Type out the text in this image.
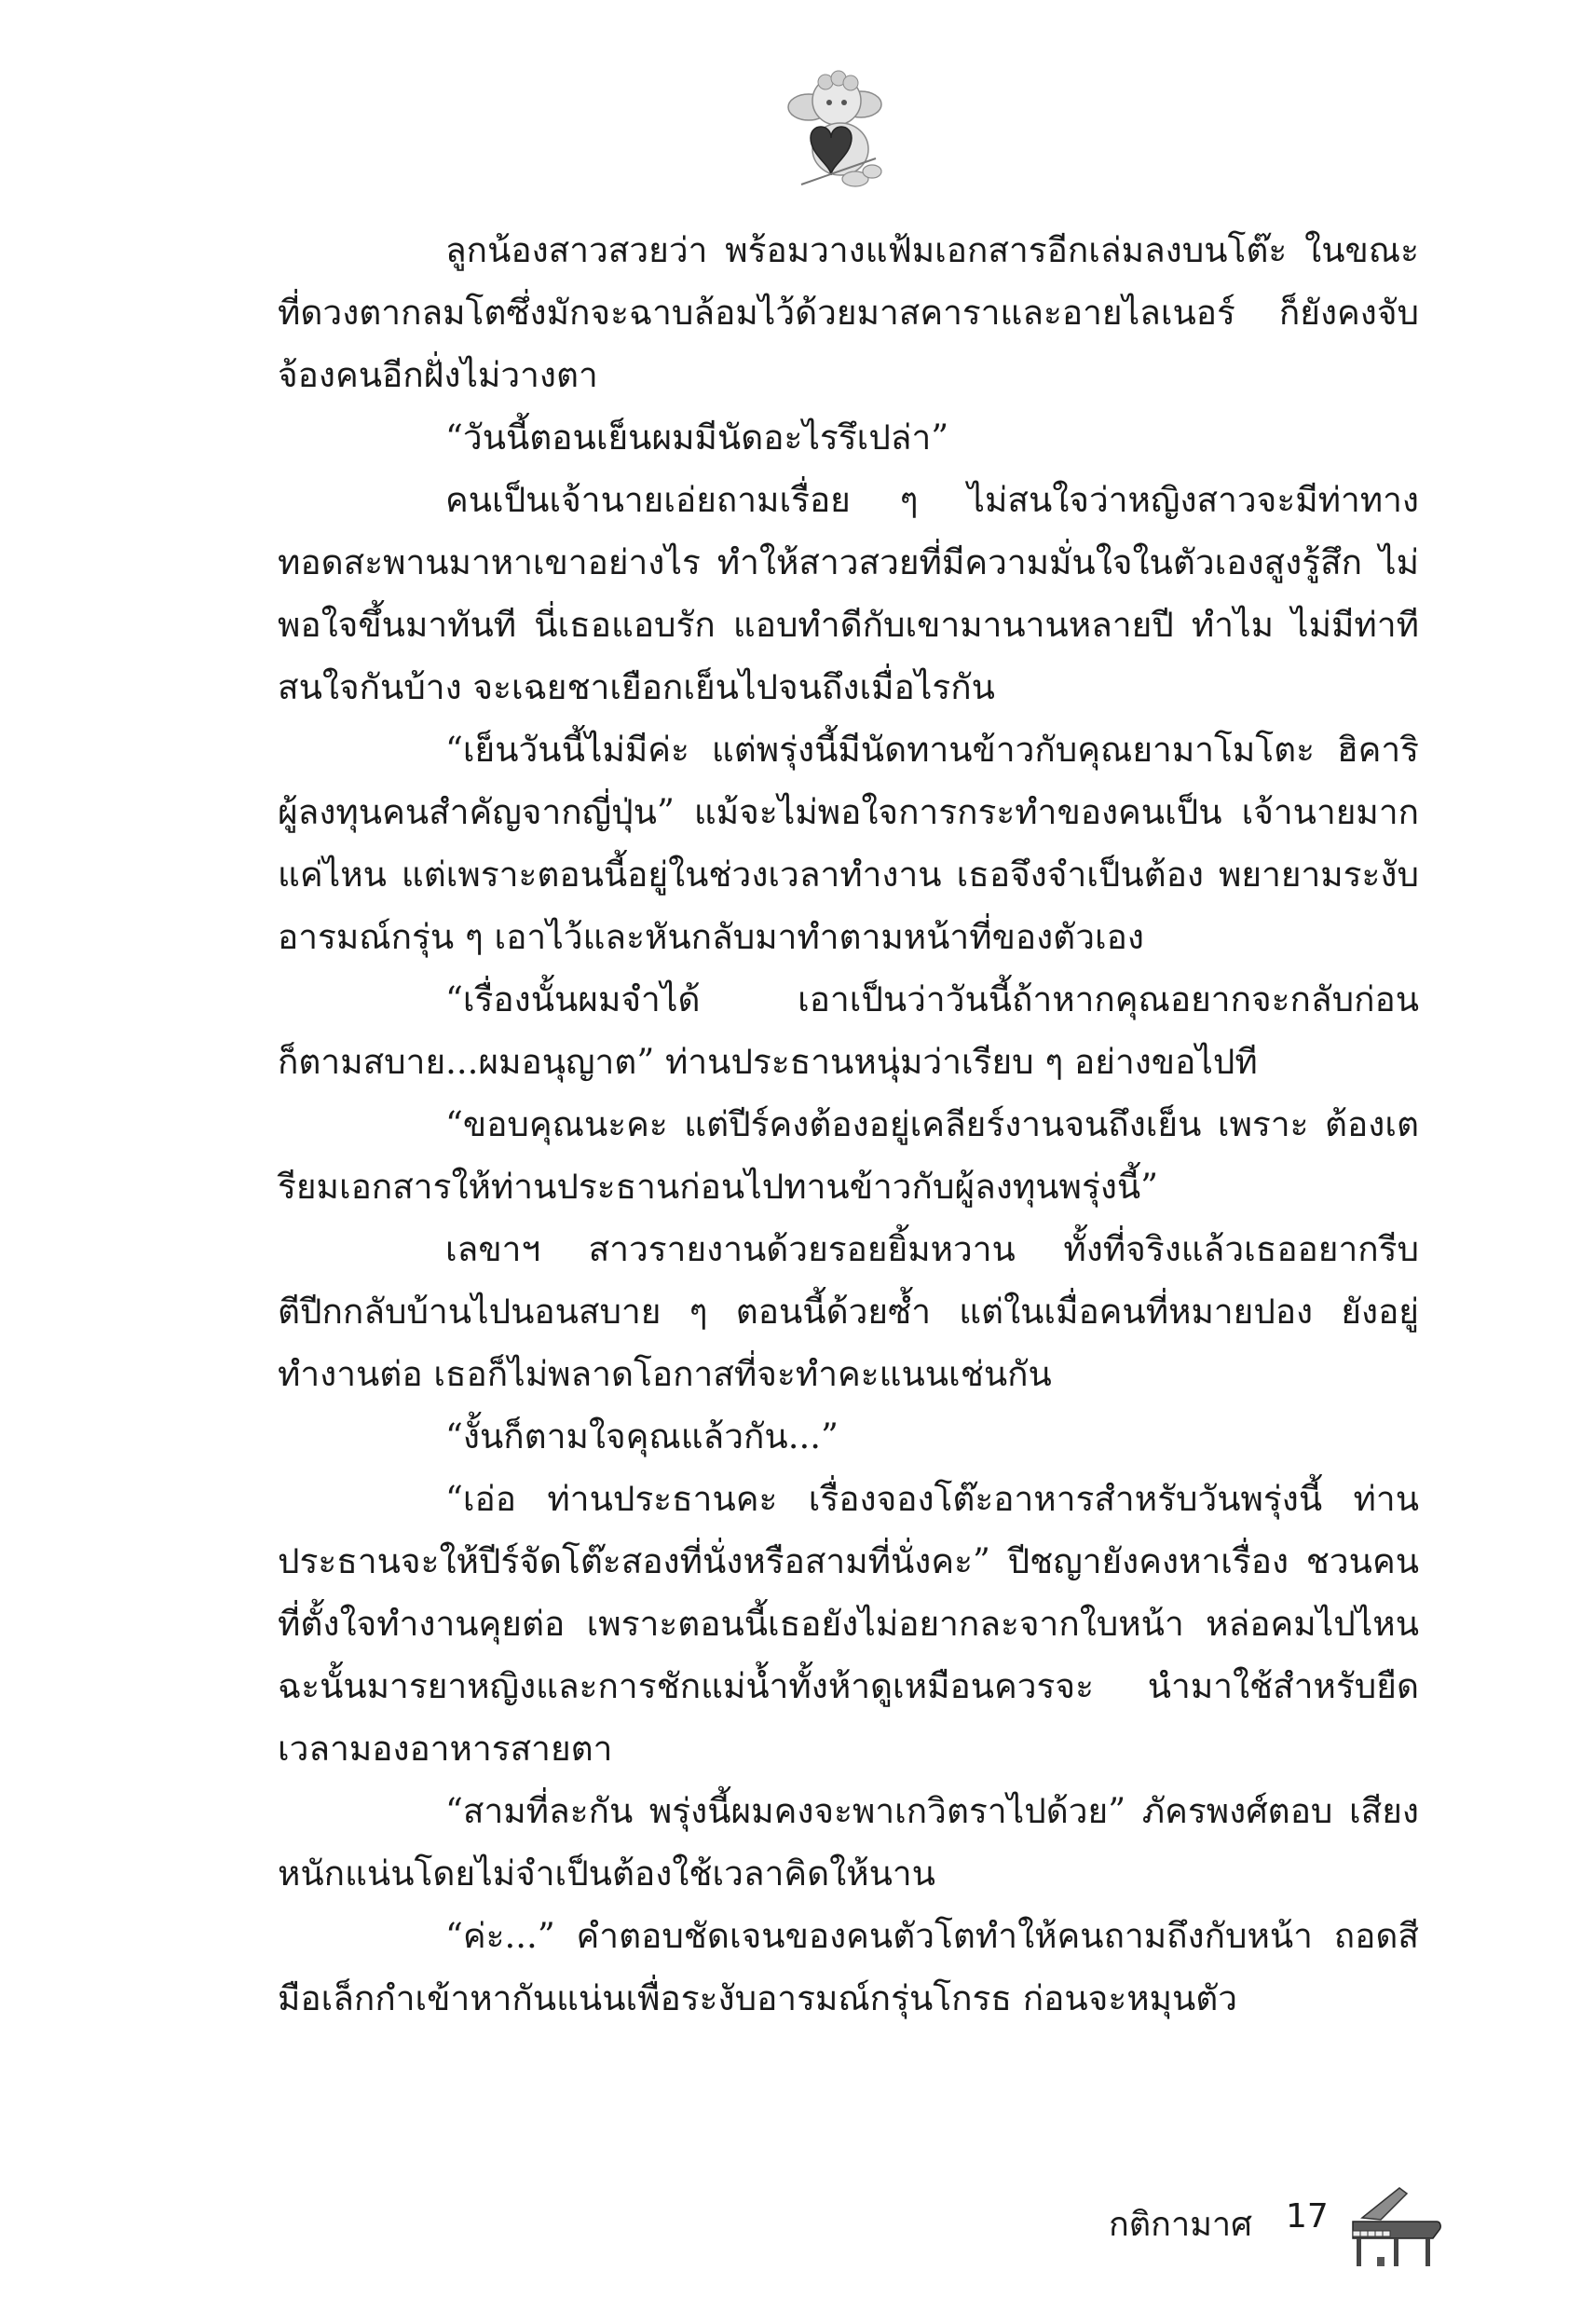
ลูกน้องสาวสวยว่า พร้อมวางแฟ้มเอกสารอีกเล่มลงบนโต๊ะ ในขณะที่ดวงตากลมโตซึ่งมักจะฉาบล้อมไว้ด้วยมาสคาราและอายไลเนอร์ ก็ยังคงจับจ้องคนอีกฝั่งไม่วางตา

“วันนี้ตอนเย็นผมมีนัดอะไรรึเปล่า”

คนเป็นเจ้านายเอ่ยถามเรื่อย ๆ ไม่สนใจว่าหญิงสาวจะมีท่าทาง ทอดสะพานมาหาเขาอย่างไร ทำให้สาวสวยที่มีความมั่นใจในตัวเองสูงรู้สึก ไม่พอใจขึ้นมาทันที นี่เธอแอบรัก แอบทำดีกับเขามานานหลายปี ทำไม ไม่มีท่าทีสนใจกันบ้าง จะเฉยชาเยือกเย็นไปจนถึงเมื่อไรกัน

“เย็นวันนี้ไม่มีค่ะ แต่พรุ่งนี้มีนัดทานข้าวกับคุณยามาโมโตะ ฮิคาริ ผู้ลงทุนคนสำคัญจากญี่ปุ่น” แม้จะไม่พอใจการกระทำของคนเป็น เจ้านายมากแค่ไหน แต่เพราะตอนนี้อยู่ในช่วงเวลาทำงาน เธอจึงจำเป็นต้อง พยายามระงับอารมณ์กรุ่น ๆ เอาไว้และหันกลับมาทำตามหน้าที่ของตัวเอง

“เรื่องนั้นผมจำได้ เอาเป็นว่าวันนี้ถ้าหากคุณอยากจะกลับก่อน ก็ตามสบาย...ผมอนุญาต” ท่านประธานหนุ่มว่าเรียบ ๆ อย่างขอไปที

“ขอบคุณนะคะ แต่ปีร์คงต้องอยู่เคลียร์งานจนถึงเย็น เพราะ ต้องเตรียมเอกสารให้ท่านประธานก่อนไปทานข้าวกับผู้ลงทุนพรุ่งนี้”

เลขาฯ สาวรายงานด้วยรอยยิ้มหวาน ทั้งที่จริงแล้วเธออยากรีบ ตีปีกกลับบ้านไปนอนสบาย ๆ ตอนนี้ด้วยซ้ำ แต่ในเมื่อคนที่หมายปอง ยังอยู่ทำงานต่อ เธอก็ไม่พลาดโอกาสที่จะทำคะแนนเช่นกัน

“งั้นก็ตามใจคุณแล้วกัน...”

“เอ่อ ท่านประธานคะ เรื่องจองโต๊ะอาหารสำหรับวันพรุ่งนี้ ท่านประธานจะให้ปีร์จัดโต๊ะสองที่นั่งหรือสามที่นั่งคะ” ปีชญายังคงหาเรื่อง ชวนคนที่ตั้งใจทำงานคุยต่อ เพราะตอนนี้เธอยังไม่อยากละจากใบหน้า หล่อคมไปไหน ฉะนั้นมารยาหญิงและการชักแม่น้ำทั้งห้าดูเหมือนควรจะ นำมาใช้สำหรับยืดเวลามองอาหารสายตา

“สามที่ละกัน พรุ่งนี้ผมคงจะพาเกวิตราไปด้วย” ภัครพงศ์ตอบ เสียงหนักแน่นโดยไม่จำเป็นต้องใช้เวลาคิดให้นาน

“ค่ะ...” คำตอบชัดเจนของคนตัวโตทำให้คนถามถึงกับหน้า ถอดสี มือเล็กกำเข้าหากันแน่นเพื่อระงับอารมณ์กรุ่นโกรธ ก่อนจะหมุนตัว

กติกามาศ 17
